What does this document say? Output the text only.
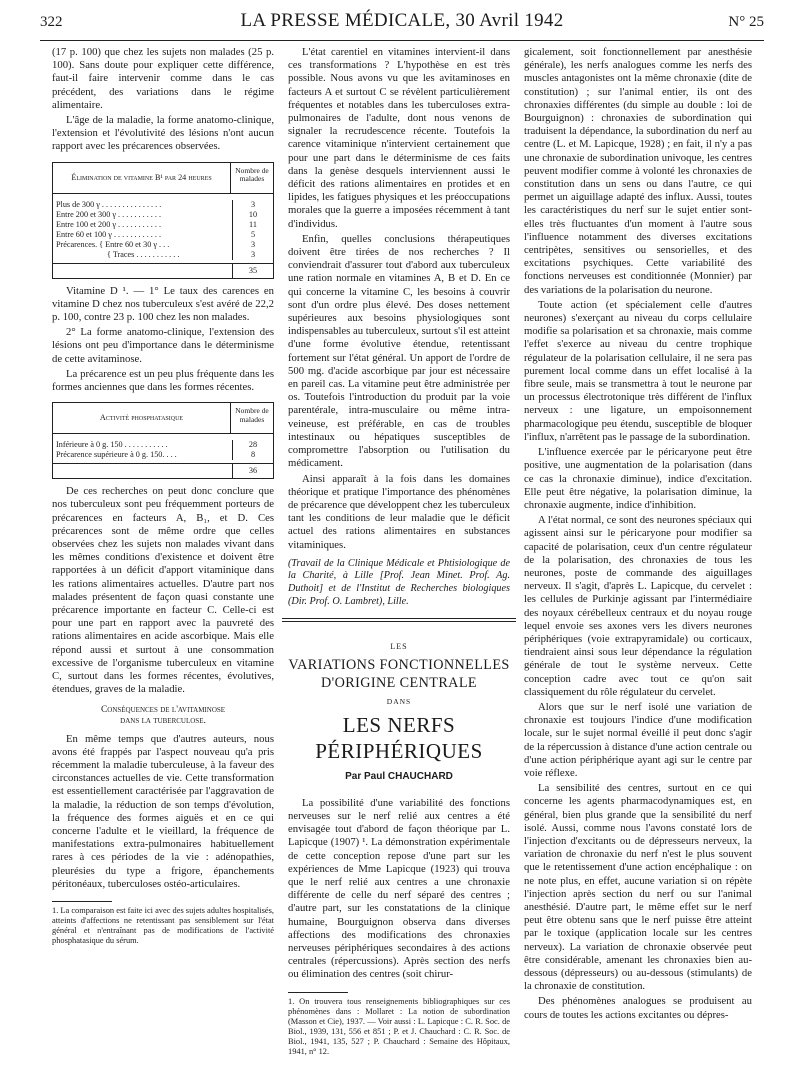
322	LA PRESSE MÉDICALE, 30 Avril 1942	N° 25

(17 p. 100) que chez les sujets non malades (25 p. 100). Sans doute pour expliquer cette différence, faut-il faire intervenir comme dans le cas précédent, des variations dans le régime alimentaire.

L'âge de la maladie, la forme anatomo-clinique, l'extension et l'évolutivité des lésions n'ont aucun rapport avec les précarences observées.

Élimination de vitamine B¹ par 24 heures
Nombre de malades
Plus de 300 γ . . . . . . . . . . . . . . .	3
Entre 200 et 300 γ . . . . . . . . . . .	10
Entre 100 et 200 γ . . . . . . . . . . .	11
Entre 60 et 100 γ . . . . . . . . . . . .	5
Précarences. { Entre 60 et 30 γ . . .	3
{ Traces . . . . . . . . . . .	3
35

Vitamine D ¹. — 1° Le taux des carences en vitamine D chez nos tuberculeux s'est avéré de 22,2 p. 100, contre 23 p. 100 chez les non malades.

2° La forme anatomo-clinique, l'extension des lésions ont peu d'importance dans le déterminisme de cette avitaminose.

La précarence est un peu plus fréquente dans les formes anciennes que dans les formes récentes.

Activité phosphatasique
Nombre de malades
Inférieure à 0 g. 150 . . . . . . . . . . .	28
Précarence supérieure à 0 g. 150. . . .	8
36

De ces recherches on peut donc conclure que nos tuberculeux sont peu fréquemment porteurs de précarences en facteurs A, B₁, et D. Ces précarences sont de même ordre que celles observées chez les sujets non malades vivant dans les mêmes conditions d'existence et doivent être rapportées à un déficit d'apport vitaminique dans les rations alimentaires actuelles. D'autre part nos malades présentent de façon quasi constante une précarence importante en facteur C. Celle-ci est pour une part en rapport avec la pauvreté des rations alimentaires en acide ascorbique. Mais elle répond aussi et surtout à une consommation excessive de l'organisme tuberculeux en vitamine C, surtout dans les formes récentes, évolutives, étendues, graves de la maladie.

Conséquences de l'avitaminose
dans la tuberculose.

En même temps que d'autres auteurs, nous avons été frappés par l'aspect nouveau qu'a pris récemment la maladie tuberculeuse, à la faveur des circonstances actuelles de vie. Cette transformation est essentiellement caractérisée par l'aggravation de la maladie, la réduction de son temps d'évolution, la fréquence des formes aiguës et en ce qui concerne l'adulte et le vieillard, la fréquence de manifestations extra-pulmonaires habituellement rares à ces périodes de la vie : adénopathies, pleurésies du type a frigore, épanchements péritonéaux, tuberculoses ostéo-articulaires.

1. La comparaison est faite ici avec des sujets adultes hospitalisés, atteints d'affections ne retentissant pas sensiblement sur l'état général et n'entraînant pas de modifications de l'activité phosphatasique du sérum.

L'état carentiel en vitamines intervient-il dans ces transformations ? L'hypothèse en est très possible. Nous avons vu que les avitaminoses en facteurs A et surtout C se révèlent particulièrement fréquentes et notables dans les tuberculoses extra-pulmonaires de l'adulte, dont nous venons de signaler la recrudescence récente. Toutefois la carence vitaminique n'intervient certainement que pour une part dans le déterminisme de ces faits dans la genèse desquels interviennent aussi le déficit des rations alimentaires en protides et en lipides, les fatigues physiques et les préoccupations morales que la guerre a imposées récemment à tant d'individus.

Enfin, quelles conclusions thérapeutiques doivent être tirées de nos recherches ? Il conviendrait d'assurer tout d'abord aux tuberculeux une ration normale en vitamines A, B et D. En ce qui concerne la vitamine C, les besoins à couvrir sont d'un ordre plus élevé. Des doses nettement supérieures aux besoins physiologiques sont indispensables au tuberculeux, surtout s'il est atteint d'une forme évolutive étendue, retentissant fortement sur l'état général. Un apport de l'ordre de 500 mg. d'acide ascorbique par jour est nécessaire en pareil cas. La vitamine peut être administrée per os. Toutefois l'introduction du produit par la voie parentérale, intra-musculaire ou même intra-veineuse, est préférable, en cas de troubles intestinaux ou hépatiques susceptibles de compromettre l'absorption ou l'utilisation du médicament.

Ainsi apparaît à la fois dans les domaines théorique et pratique l'importance des phénomènes de précarence que développent chez les tuberculeux tant les conditions de leur maladie que le déficit actuel des rations alimentaires en substances vitaminiques.

(Travail de la Clinique Médicale et Phtisiologique de la Charité, à Lille [Prof. Jean Minet. Prof. Ag. Duthoit] et de l'Institut de Recherches biologiques (Dir. Prof. O. Lambret), Lille.
LES
VARIATIONS FONCTIONNELLES
D'ORIGINE CENTRALE
DANS
LES NERFS PÉRIPHÉRIQUES
Par Paul CHAUCHARD

La possibilité d'une variabilité des fonctions nerveuses sur le nerf relié aux centres a été envisagée tout d'abord de façon théorique par L. Lapicque (1907) ¹. La démonstration expérimentale de cette conception repose d'une part sur les expériences de Mme Lapicque (1923) qui trouva que le nerf relié aux centres a une chronaxie différente de celle du nerf séparé des centres ; d'autre part, sur les constatations de la clinique humaine, Bourguignon observa dans diverses affections des modifications des chronaxies nerveuses périphériques secondaires à des actions centrales (répercussions). Après section des nerfs ou élimination des centres (soit chirur-

1. On trouvera tous renseignements bibliographiques sur ces phénomènes dans : Mollaret : La notion de subordination (Masson et Cie), 1937. — Voir aussi : L. Lapicque : C. R. Soc. de Biol., 1939, 131, 556 et 851 ; P. et J. Chauchard : C. R. Soc. de Biol., 1941, 135, 527 ; P. Chauchard : Semaine des Hôpitaux, 1941, n° 12.

gicalement, soit fonctionnellement par anesthésie générale), les nerfs analogues comme les nerfs des muscles antagonistes ont la même chronaxie (dite de constitution) ; sur l'animal entier, ils ont des chronaxies différentes (du simple au double : loi de Bourguignon) : chronaxies de subordination qui traduisent la dépendance, la subordination du nerf au centre (L. et M. Lapicque, 1928) ; en fait, il n'y a pas une chronaxie de subordination univoque, les centres peuvent modifier comme à volonté les chronaxies de constitution dans un sens ou dans l'autre, ce qui permet un aiguillage adapté des influx. Aussi, toutes les caractéristiques du nerf sur le sujet entier sont-elles très fluctuantes d'un moment à l'autre sous l'influence notamment des diverses excitations centripètes, sensitives ou sensorielles, et des excitations psychiques. Cette variabilité des fonctions nerveuses est conditionnée (Monnier) par des variations de la polarisation du neurone.

Toute action (et spécialement celle d'autres neurones) s'exerçant au niveau du corps cellulaire modifie sa polarisation et sa chronaxie, mais comme l'effet s'exerce au niveau du centre trophique régulateur de la polarisation cellulaire, il ne sera pas purement local comme dans un effet localisé à la fibre seule, mais se transmettra à tout le neurone par un processus électrotonique très différent de l'influx nerveux : une ligature, un empoisonnement pharmacologique peu étendu, susceptible de bloquer l'influx, n'arrêtent pas le passage de la subordination.

L'influence exercée par le péricaryone peut être positive, une augmentation de la polarisation (dans ce cas la chronaxie diminue), indice d'excitation. Elle peut être négative, la polarisation diminue, la chronaxie augmente, indice d'inhibition.

A l'état normal, ce sont des neurones spéciaux qui agissent ainsi sur le péricaryone pour modifier sa capacité de polarisation, ceux d'un centre régulateur de la polarisation, des chronaxies de tous les neurones, poste de commande des aiguillages nerveux. Il s'agit, d'après L. Lapicque, du cervelet : les cellules de Purkinje agissant par l'intermédiaire des noyaux cérébelleux centraux et du noyau rouge lequel envoie ses axones vers les divers neurones périphériques (voie extrapyramidale) ou corticaux, tiendraient ainsi sous leur dépendance la régulation générale de tout le système nerveux. Cette conception cadre avec tout ce qu'on sait classiquement du rôle régulateur du cervelet.

Alors que sur le nerf isolé une variation de chronaxie est toujours l'indice d'une modification locale, sur le sujet normal éveillé il peut donc s'agir de la répercussion à distance d'une action centrale ou d'une action périphérique ayant agi sur le centre par voie réflexe.

La sensibilité des centres, surtout en ce qui concerne les agents pharmacodynamiques est, en général, bien plus grande que la sensibilité du nerf isolé. Aussi, comme nous l'avons constaté lors de l'injection d'excitants ou de dépresseurs nerveux, la variation de chronaxie du nerf n'est le plus souvent que le retentissement d'une action encéphalique : on ne note plus, en effet, aucune variation si on répète l'injection après section du nerf ou sur l'animal anesthésié. D'autre part, le même effet sur le nerf peut être obtenu sans que le nerf puisse être atteint par le toxique (application locale sur les centres nerveux). La variation de chronaxie observée peut être considérable, amenant les chronaxies bien au-dessous (dépresseurs) ou au-dessous (stimulants) de la chronaxie de constitution.

Des phénomènes analogues se produisent au cours de toutes les actions excitantes ou dépres-
